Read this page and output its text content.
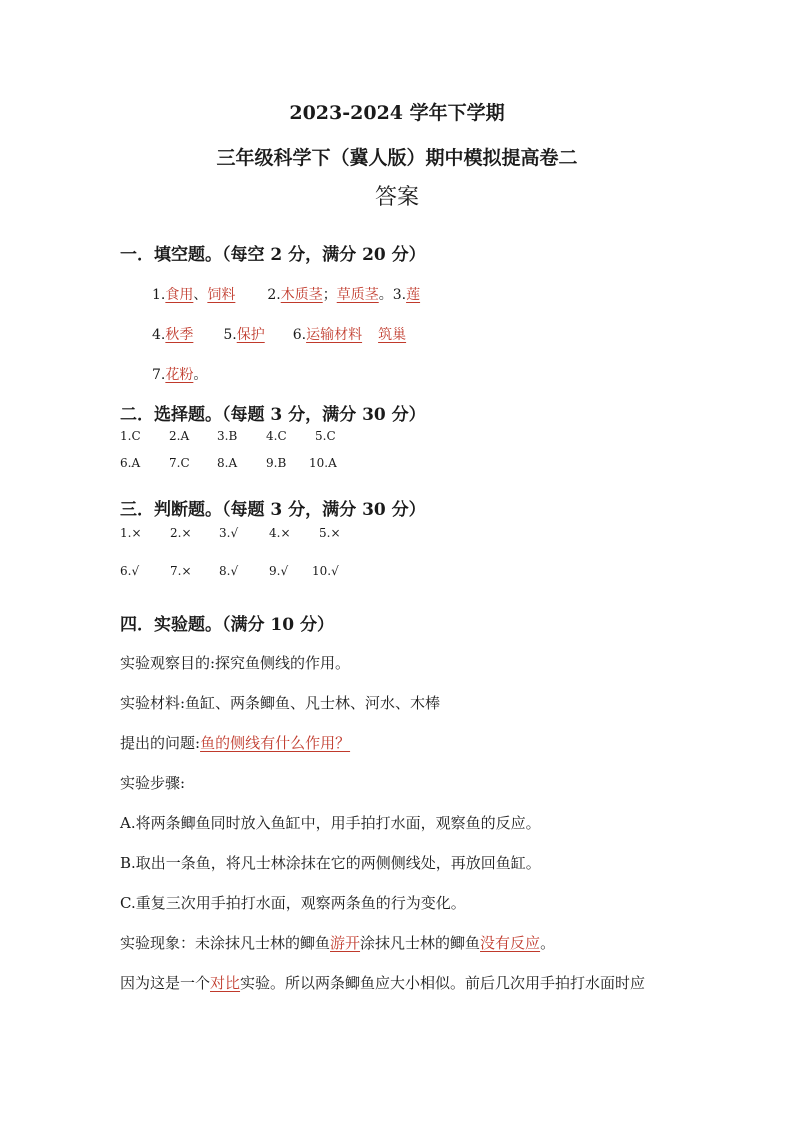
2023-2024 学年下学期
三年级科学下（冀人版）期中模拟提高卷二
答案
一．填空题。（每空 2 分，满分 20 分）
1.食用、饲料 2.木质茎；草质茎。3.莲
4.秋季 5.保护 6.运输材料 筑巢
7.花粉。
二．选择题。（每题 3 分，满分 30 分）
1.C 2.A 3.B 4.C 5.C
6.A 7.C 8.A 9.B 10.A
三．判断题。（每题 3 分，满分 30 分）
1.× 2.× 3.√	4.× 5.×
6.√	7.× 8.√	9.√ 10.√
四．实验题。（满分 10 分）
实验观察目的:探究鱼侧线的作用。
实验材料:鱼缸、两条鲫鱼、凡士林、河水、木棒
提出的问题:鱼的侧线有什么作用？
实验步骤:
A.将两条鲫鱼同时放入鱼缸中，用手拍打水面，观察鱼的反应。
B.取出一条鱼，将凡士林涂抹在它的两侧侧线处，再放回鱼缸。
C.重复三次用手拍打水面，观察两条鱼的行为变化。
实验现象：未涂抹凡士林的鲫鱼游开涂抹凡士林的鲫鱼没有反应。
因为这是一个对比实验。所以两条鲫鱼应大小相似。前后几次用手拍打水面时应
